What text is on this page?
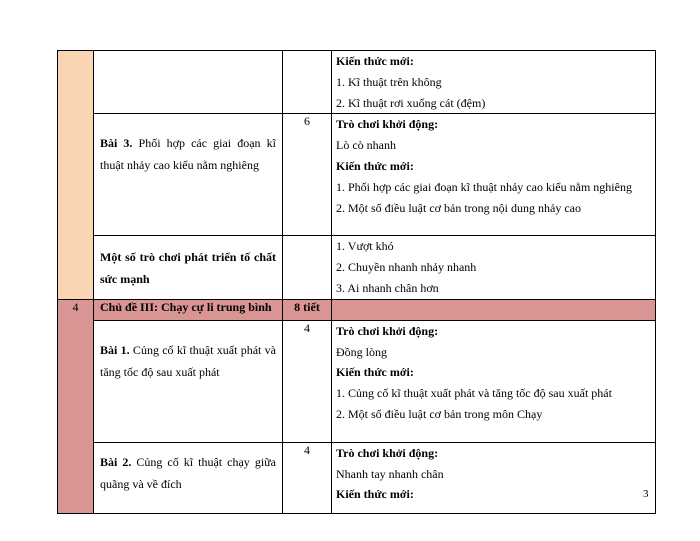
			Kiến thức mới:
1. Kĩ thuật trên không
2. Kĩ thuật rơi xuống cát (đệm)

	Bài 3. Phối hợp các giai đoạn kĩ thuật nhảy cao kiểu nằm nghiêng	6	Trò chơi khởi động:
Lò cò nhanh
Kiến thức mới:
1. Phối hợp các giai đoạn kĩ thuật nhảy cao kiểu nằm nghiêng
2. Một số điều luật cơ bản trong nội dung nhảy cao

	Một số trò chơi phát triển tố chất sức mạnh		1. Vượt khó
2. Chuyền nhanh nhảy nhanh
3. Ai nhanh chân hơn

4	Chủ đề III: Chạy cự li trung bình	8 tiết	
	Bài 1. Củng cố kĩ thuật xuất phát và tăng tốc độ sau xuất phát	4	Trò chơi khởi động:
Đồng lòng
Kiến thức mới:
1. Củng cố kĩ thuật xuất phát và tăng tốc độ sau xuất phát
2. Một số điều luật cơ bản trong môn Chạy

	Bài 2. Củng cố kĩ thuật chạy giữa quãng và về đích	4	Trò chơi khởi động:
Nhanh tay nhanh chân
Kiến thức mới:	3
